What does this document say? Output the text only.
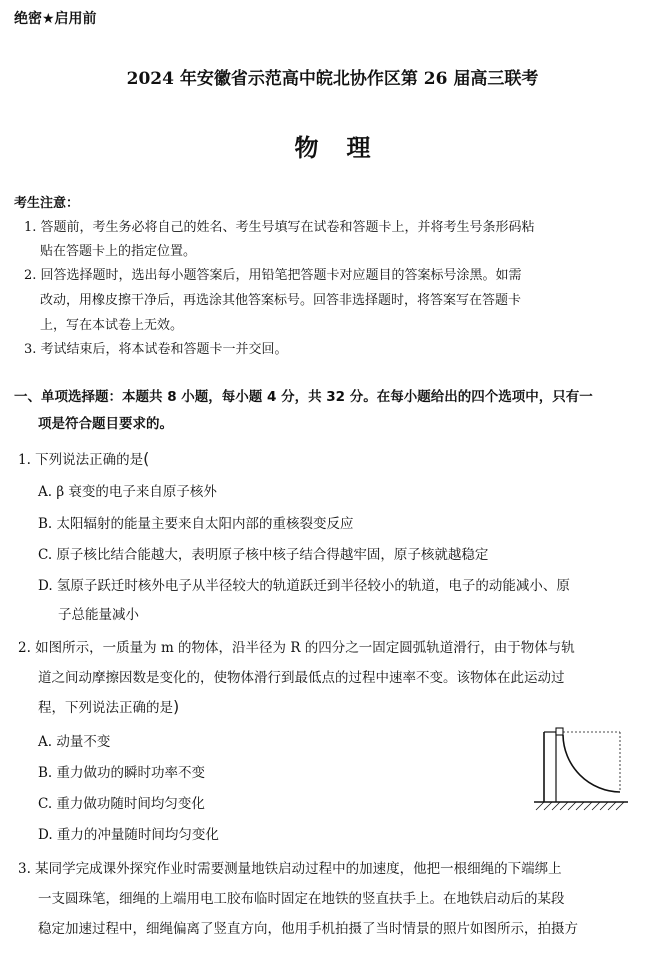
绝密★启用前
2024 年安徽省示范高中皖北协作区第 26 届高三联考
物理
考生注意：
1. 答题前，考生务必将自己的姓名、考生号填写在试卷和答题卡上，并将考生号条形码粘
贴在答题卡上的指定位置。
2. 回答选择题时，选出每小题答案后，用铅笔把答题卡对应题目的答案标号涂黑。如需
改动，用橡皮擦干净后，再选涂其他答案标号。回答非选择题时，将答案写在答题卡
上，写在本试卷上无效。
3. 考试结束后，将本试卷和答题卡一并交回。
一、单项选择题：本题共 8 小题，每小题 4 分，共 32 分。在每小题给出的四个选项中，只有一
项是符合题目要求的。
1. 下列说法正确的是(
A. β 衰变的电子来自原子核外
B. 太阳辐射的能量主要来自太阳内部的重核裂变反应
C. 原子核比结合能越大，表明原子核中核子结合得越牢固，原子核就越稳定
D. 氢原子跃迁时核外电子从半径较大的轨道跃迁到半径较小的轨道，电子的动能减小、原
子总能量减小
2. 如图所示，一质量为 m 的物体，沿半径为 R 的四分之一固定圆弧轨道滑行，由于物体与轨
道之间动摩擦因数是变化的，使物体滑行到最低点的过程中速率不变。该物体在此运动过
程，下列说法正确的是)
A. 动量不变
B. 重力做功的瞬时功率不变
C. 重力做功随时间均匀变化
D. 重力的冲量随时间均匀变化
3. 某同学完成课外探究作业时需要测量地铁启动过程中的加速度，他把一根细绳的下端绑上
一支圆珠笔，细绳的上端用电工胶布临时固定在地铁的竖直扶手上。在地铁启动后的某段
稳定加速过程中，细绳偏离了竖直方向，他用手机拍摄了当时情景的照片如图所示，拍摄方
